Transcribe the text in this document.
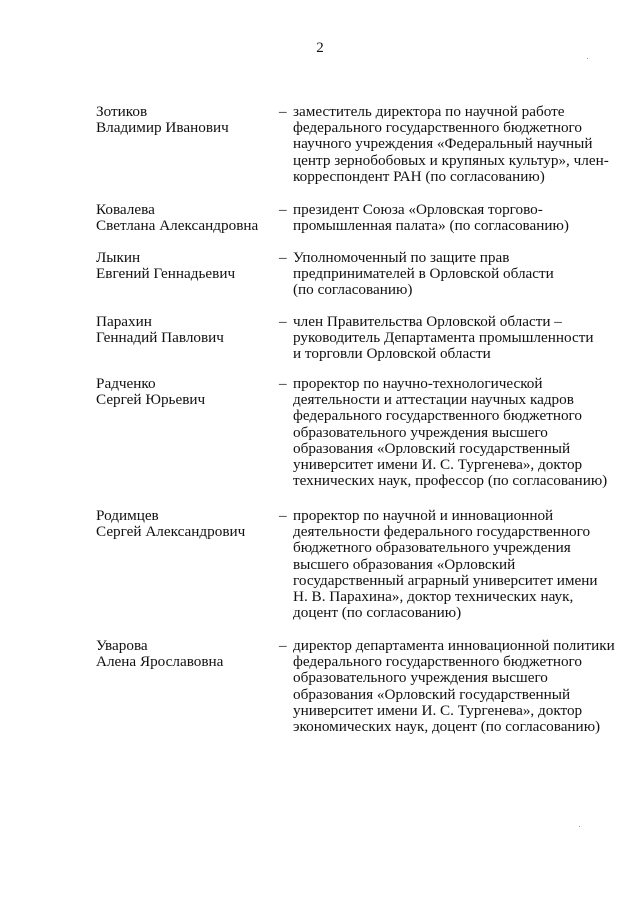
2
Зотиков
Владимир Иванович
– заместитель директора по научной работе
федерального государственного бюджетного
научного учреждения «Федеральный научный
центр зернобобовых и крупяных культур», член-
корреспондент РАН (по согласованию)
Ковалева
Светлана Александровна
– президент Союза «Орловская торгово-
промышленная палата» (по согласованию)
Лыкин
Евгений Геннадьевич
– Уполномоченный по защите прав
предпринимателей в Орловской области
(по согласованию)
Парахин
Геннадий Павлович
– член Правительства Орловской области –
руководитель Департамента промышленности
и торговли Орловской области
Радченко
Сергей Юрьевич
– проректор по научно-технологической
деятельности и аттестации научных кадров
федерального государственного бюджетного
образовательного учреждения высшего
образования «Орловский государственный
университет имени И. С. Тургенева», доктор
технических наук, профессор (по согласованию)
Родимцев
Сергей Александрович
– проректор по научной и инновационной
деятельности федерального государственного
бюджетного образовательного учреждения
высшего образования «Орловский
государственный аграрный университет имени
Н. В. Парахина», доктор технических наук,
доцент (по согласованию)
Уварова
Алена Ярославовна
– директор департамента инновационной политики
федерального государственного бюджетного
образовательного учреждения высшего
образования «Орловский государственный
университет имени И. С. Тургенева», доктор
экономических наук, доцент (по согласованию)
